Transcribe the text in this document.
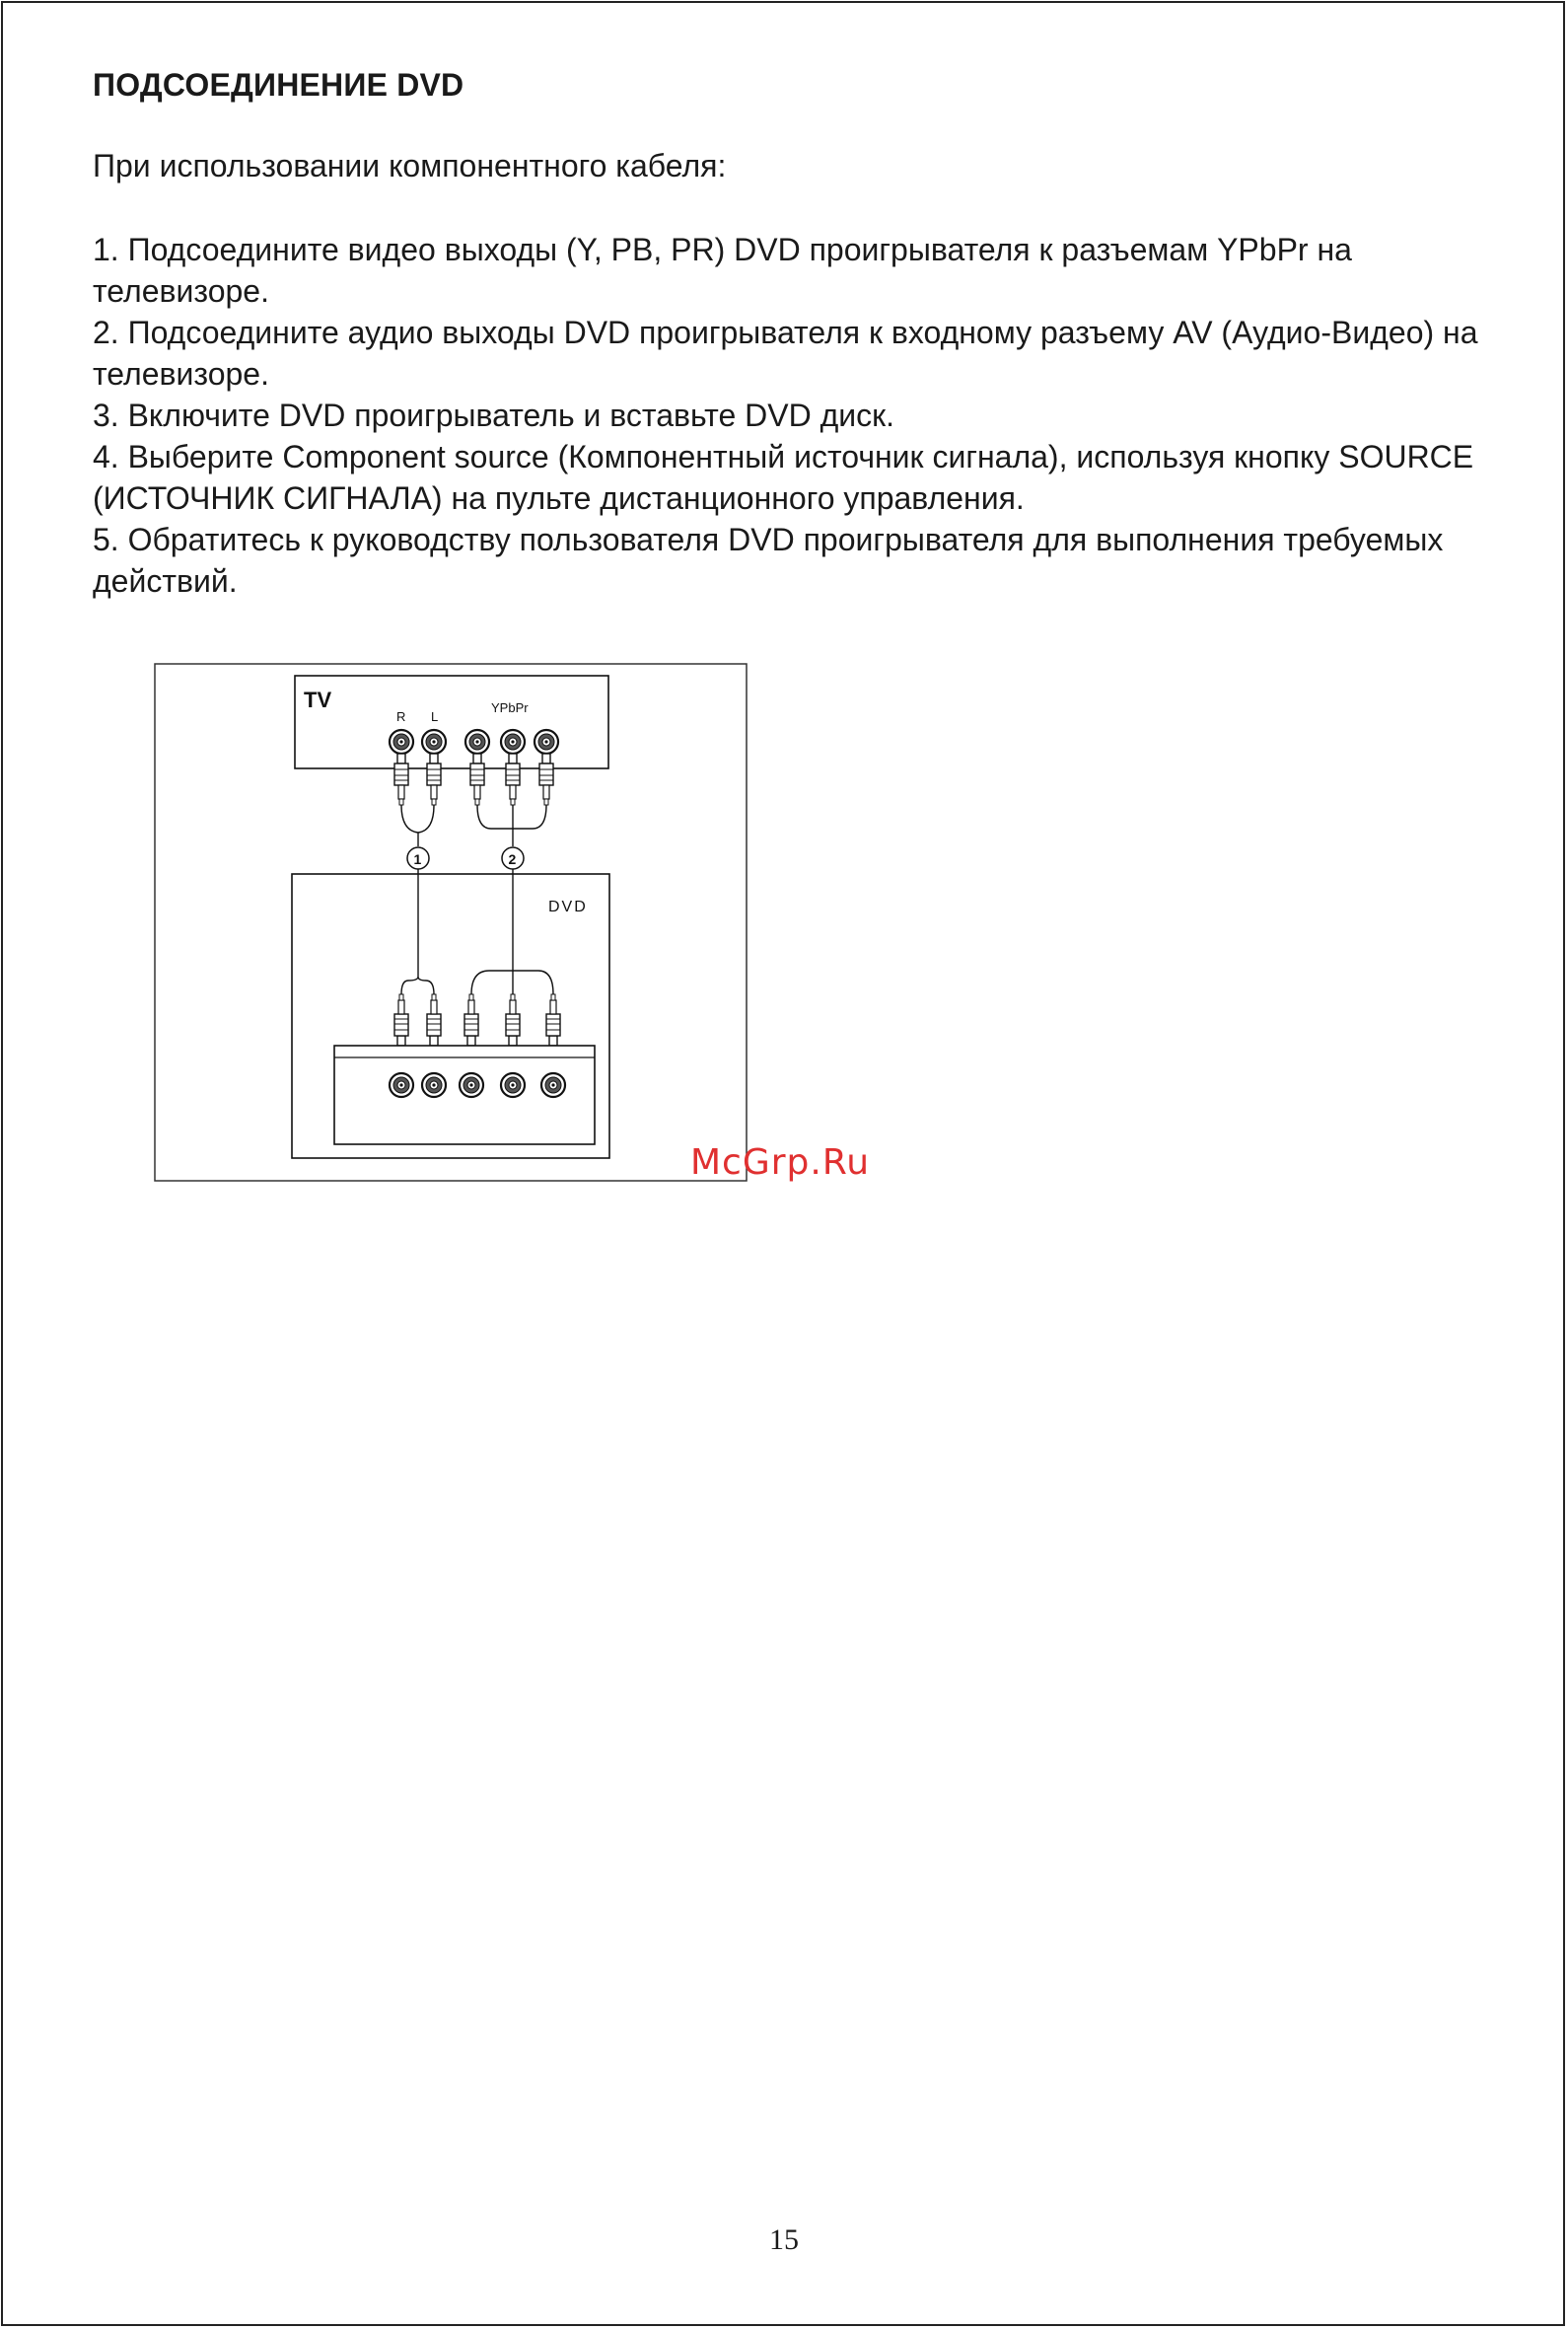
ПОДСОЕДИНЕНИЕ DVD
При использовании компонентного кабеля:
1. Подсоедините видео выходы (Y, PB, PR) DVD проигрывателя к разъемам YPbPr на телевизоре.
2. Подсоедините аудио выходы DVD проигрывателя к входному разъему AV (Аудио-Видео) на телевизоре.
3. Включите DVD проигрыватель и вставьте DVD диск.
4. Выберите Component source (Компонентный источник сигнала), используя кнопку SOURCE (ИСТОЧНИК СИГНАЛА) на пульте дистанционного управления.
5. Обратитесь к руководству пользователя DVD проигрывателя для выполнения требуемых действий.
TV
R L
YPbPr
1	2
DVD
McGrp.Ru
15
